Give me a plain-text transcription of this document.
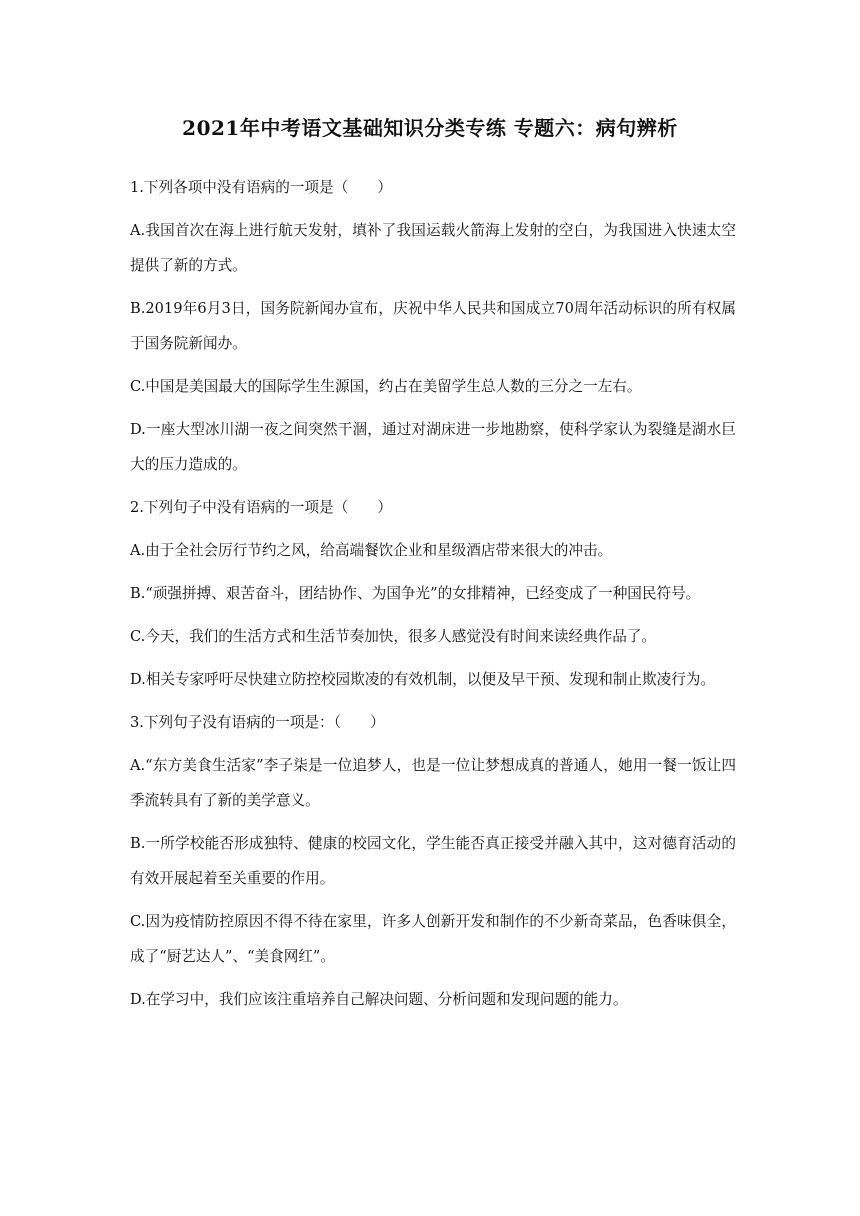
2021年中考语文基础知识分类专练 专题六：病句辨析

1.下列各项中没有语病的一项是（　　）

A.我国首次在海上进行航天发射，填补了我国运载火箭海上发射的空白，为我国进入快速太空提供了新的方式。

B.2019年6月3日，国务院新闻办宣布，庆祝中华人民共和国成立70周年活动标识的所有权属于国务院新闻办。

C.中国是美国最大的国际学生生源国，约占在美留学生总人数的三分之一左右。

D.一座大型冰川湖一夜之间突然干涸，通过对湖床进一步地勘察，使科学家认为裂缝是湖水巨大的压力造成的。

2.下列句子中没有语病的一项是（　　）

A.由于全社会厉行节约之风，给高端餐饮企业和星级酒店带来很大的冲击。

B.“顽强拼搏、艰苦奋斗，团结协作、为国争光”的女排精神，已经变成了一种国民符号。

C.今天，我们的生活方式和生活节奏加快，很多人感觉没有时间来读经典作品了。

D.相关专家呼吁尽快建立防控校园欺凌的有效机制，以便及早干预、发现和制止欺凌行为。

3.下列句子没有语病的一项是：（　　）

A.“东方美食生活家”李子柒是一位追梦人，也是一位让梦想成真的普通人，她用一餐一饭让四季流转具有了新的美学意义。

B.一所学校能否形成独特、健康的校园文化，学生能否真正接受并融入其中，这对德育活动的有效开展起着至关重要的作用。

C.因为疫情防控原因不得不待在家里，许多人创新开发和制作的不少新奇菜品，色香味俱全，成了“厨艺达人”、“美食网红”。

D.在学习中，我们应该注重培养自己解决问题、分析问题和发现问题的能力。
